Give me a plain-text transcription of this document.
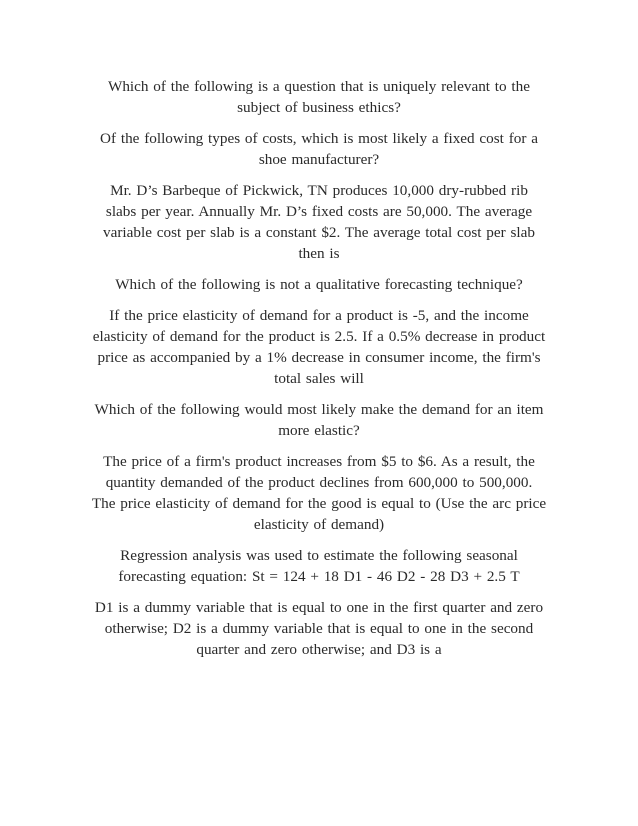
Which of the following is a question that is uniquely relevant to the
subject of business ethics?

Of the following types of costs, which is most likely a fixed cost for a
shoe manufacturer?

Mr. D’s Barbeque of Pickwick, TN produces 10,000 dry-rubbed rib
slabs per year. Annually Mr. D’s fixed costs are 50,000. The average
variable cost per slab is a constant $2. The average total cost per slab
then is

Which of the following is not a qualitative forecasting technique?

If the price elasticity of demand for a product is -5, and the income
elasticity of demand for the product is 2.5. If a 0.5% decrease in product
price as accompanied by a 1% decrease in consumer income, the firm's
total sales will

Which of the following would most likely make the demand for an item
more elastic?

The price of a firm's product increases from $5 to $6. As a result, the
quantity demanded of the product declines from 600,000 to 500,000.
The price elasticity of demand for the good is equal to (Use the arc price
elasticity of demand)

Regression analysis was used to estimate the following seasonal
forecasting equation: St = 124 + 18 D1 - 46 D2 - 28 D3 + 2.5 T

D1 is a dummy variable that is equal to one in the first quarter and zero
otherwise; D2 is a dummy variable that is equal to one in the second
quarter and zero otherwise; and D3 is a
